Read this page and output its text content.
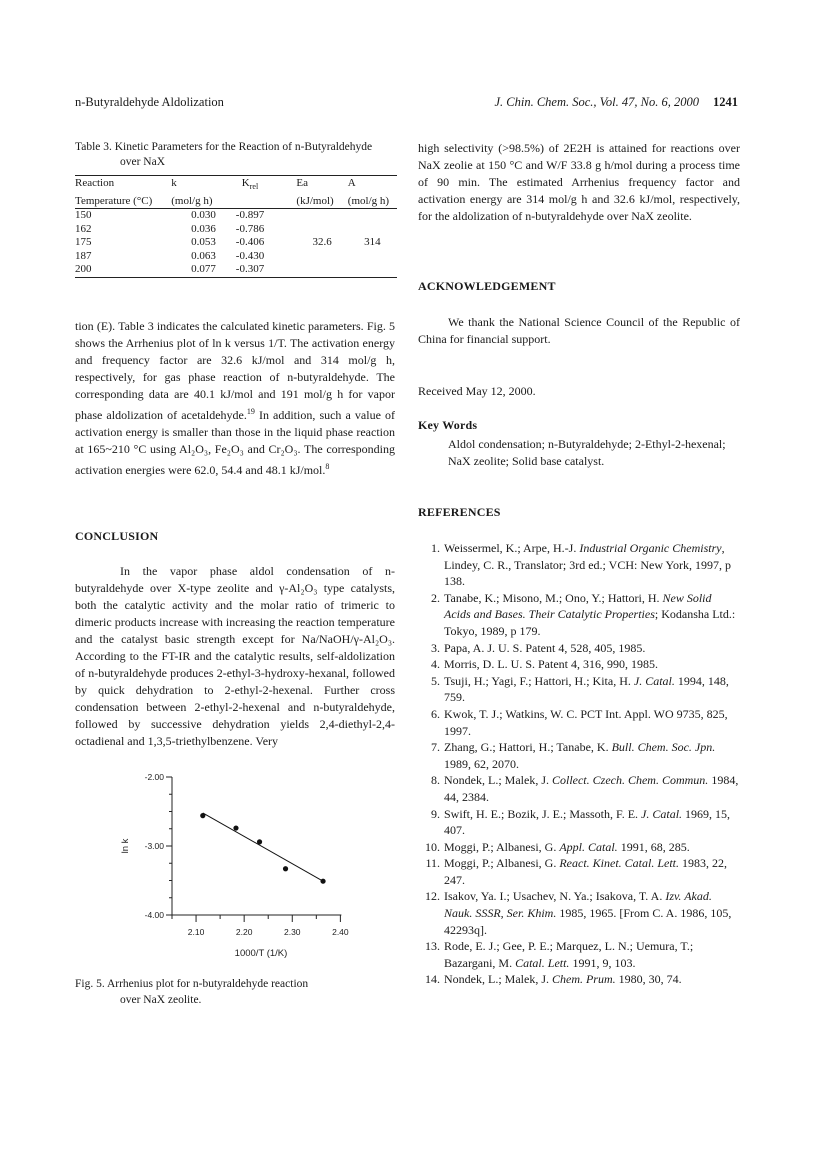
n-Butyraldehyde Aldolization	J. Chin. Chem. Soc., Vol. 47, No. 6, 2000 1241
Table 3. Kinetic Parameters for the Reaction of n-Butyraldehyde
over NaX
Reaction	k	$K_{rel}$	Ea	A
Temperature (°C)	(mol/g h)		(kJ/mol)	(mol/g h)
150	0.030	-0.897		
162	0.036	-0.786		
175	0.053	-0.406	32.6	314
187	0.063	-0.430		
200	0.077	-0.307		
tion (E). Table 3 indicates the calculated kinetic parameters. Fig. 5 shows the Arrhenius plot of ln k versus 1/T. The activation energy and frequency factor are 32.6 kJ/mol and 314 mol/g h, respectively, for gas phase reaction of n-butyraldehyde. The corresponding data are 40.1 kJ/mol and 191 mol/g h for vapor phase aldolization of acetaldehyde.$^{19}$ In addition, such a value of activation energy is smaller than those in the liquid phase reaction at 165~210 °C using Al₂O₃, Fe₂O₃ and Cr₂O₃. The corresponding activation energies were 62.0, 54.4 and 48.1 kJ/mol.$^8$
CONCLUSION
In the vapor phase aldol condensation of n-butyraldehyde over X-type zeolite and γ-Al₂O₃ type catalysts, both the catalytic activity and the molar ratio of trimeric to dimeric products increase with increasing the reaction temperature and the catalyst basic strength except for Na/NaOH/γ-Al₂O₃. According to the FT-IR and the catalytic results, self-aldolization of n-butyraldehyde produces 2-ethyl-3-hydroxy-hexanal, followed by quick dehydration to 2-ethyl-2-hexenal. Further cross condensation between 2-ethyl-2-hexenal and n-butyraldehyde, followed by successive dehydration yields 2,4-diethyl-2,4-octadienal and 1,3,5-triethylbenzene. Very
-2.00
-3.00
-4.00
2.10	2.20	2.30	2.40
1000/T (1/K)
ln k
Fig. 5. Arrhenius plot for n-butyraldehyde reaction
over NaX zeolite.
high selectivity (>98.5%) of 2E2H is attained for reactions over NaX zeolie at 150 °C and W/F 33.8 g h/mol during a process time of 90 min. The estimated Arrhenius frequency factor and activation energy are 314 mol/g h and 32.6 kJ/mol, respectively, for the aldolization of n-butyraldehyde over NaX zeolite.
ACKNOWLEDGEMENT
We thank the National Science Council of the Republic of China for financial support.
Received May 12, 2000.
Key Words
Aldol condensation; n-Butyraldehyde; 2-Ethyl-2-hexenal; NaX zeolite; Solid base catalyst.
REFERENCES
1. Weissermel, K.; Arpe, H.-J. Industrial Organic Chemistry, Lindey, C. R., Translator; 3rd ed.; VCH: New York, 1997, p 138.
2. Tanabe, K.; Misono, M.; Ono, Y.; Hattori, H. New Solid Acids and Bases. Their Catalytic Properties; Kodansha Ltd.: Tokyo, 1989, p 179.
3. Papa, A. J. U. S. Patent 4, 528, 405, 1985.
4. Morris, D. L. U. S. Patent 4, 316, 990, 1985.
5. Tsuji, H.; Yagi, F.; Hattori, H.; Kita, H. J. Catal. 1994, 148, 759.
6. Kwok, T. J.; Watkins, W. C. PCT Int. Appl. WO 9735, 825, 1997.
7. Zhang, G.; Hattori, H.; Tanabe, K. Bull. Chem. Soc. Jpn. 1989, 62, 2070.
8. Nondek, L.; Malek, J. Collect. Czech. Chem. Commun. 1984, 44, 2384.
9. Swift, H. E.; Bozik, J. E.; Massoth, F. E. J. Catal. 1969, 15, 407.
10. Moggi, P.; Albanesi, G. Appl. Catal. 1991, 68, 285.
11. Moggi, P.; Albanesi, G. React. Kinet. Catal. Lett. 1983, 22, 247.
12. Isakov, Ya. I.; Usachev, N. Ya.; Isakova, T. A. Izv. Akad. Nauk. SSSR, Ser. Khim. 1985, 1965. [From C. A. 1986, 105, 42293q].
13. Rode, E. J.; Gee, P. E.; Marquez, L. N.; Uemura, T.; Bazargani, M. Catal. Lett. 1991, 9, 103.
14. Nondek, L.; Malek, J. Chem. Prum. 1980, 30, 74.
